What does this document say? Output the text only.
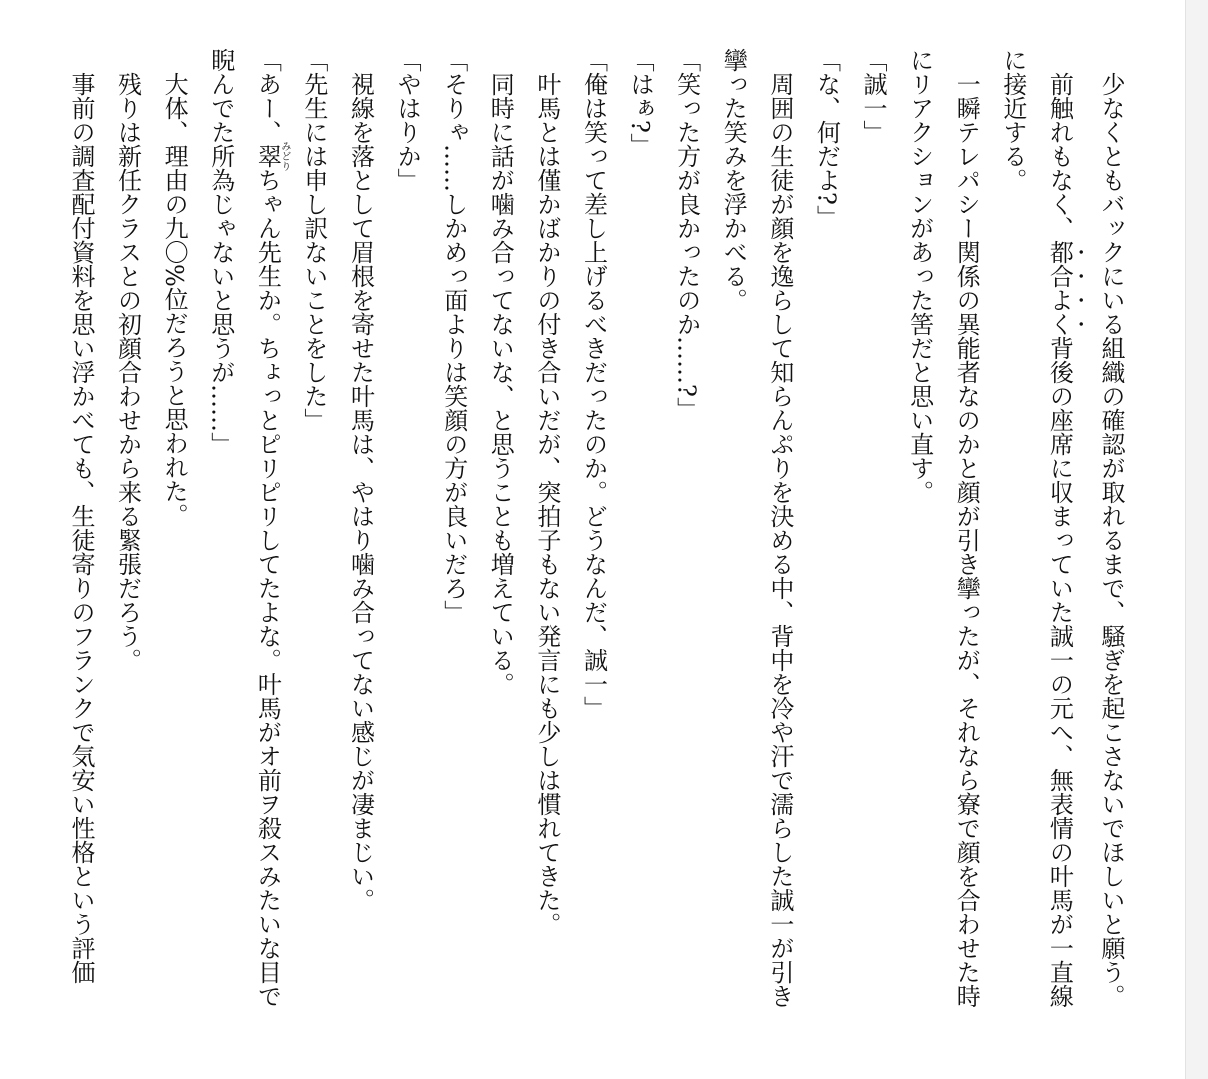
　少なくともバックにいる組織の確認が取れるまで、騒ぎを起こさないでほしいと願う。

　前触れもなく、都合よく背後の座席に収まっていた誠一の元へ、無表情の叶馬が一直線

に接近する。

　一瞬テレパシー関係の異能者なのかと顔が引き攣ったが、それなら寮で顔を合わせた時

にリアクションがあった筈だと思い直す。

「誠一」

「な、何だよ?」

　周囲の生徒が顔を逸らして知らんぷりを決める中、背中を冷や汗で濡らした誠一が引き

攣った笑みを浮かべる。

「笑った方が良かったのか……?」

「はぁ?」

「俺は笑って差し上げるべきだったのか。どうなんだ、誠一」

　叶馬とは僅かばかりの付き合いだが、突拍子もない発言にも少しは慣れてきた。

　同時に話が噛み合ってないな、と思うことも増えている。

「そりゃ……しかめっ面よりは笑顔の方が良いだろ」

「やはりか」

　視線を落として眉根を寄せた叶馬は、やはり噛み合ってない感じが凄まじい。

「先生には申し訳ないことをした」

「あー、翠みどりちゃん先生か。ちょっとピリピリしてたよな。叶馬がオ前ヲ殺スみたいな目で

睨んでた所為じゃないと思うが……」

　大体、理由の九〇%位だろうと思われた。

　残りは新任クラスとの初顔合わせから来る緊張だろう。

　事前の調査配付資料を思い浮かべても、生徒寄りのフランクで気安い性格という評価
